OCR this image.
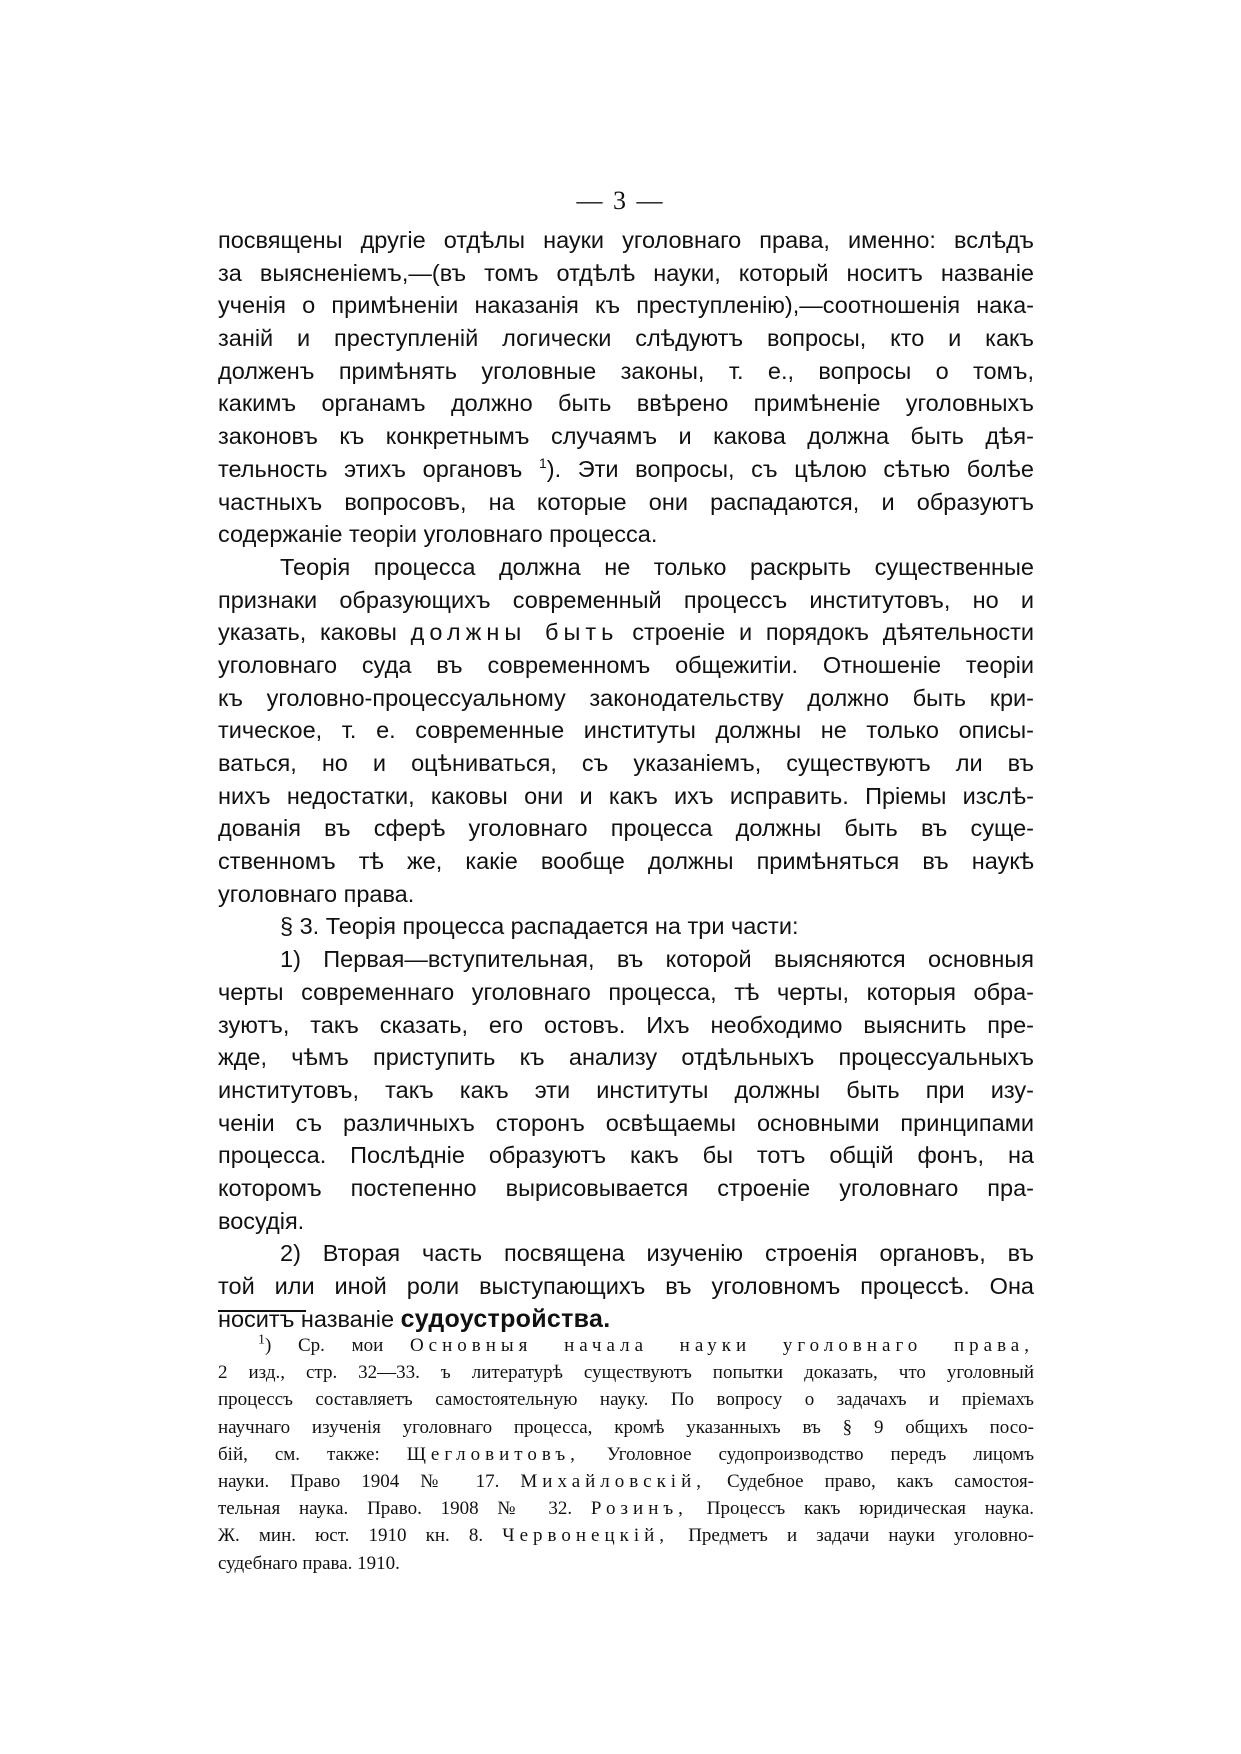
— 3 —
посвящены другіе отдѣлы науки уголовнаго права, именно: вслѣдъ
за выясненіемъ,—(въ томъ отдѣлѣ науки, который носитъ названіе
ученія о примѣненіи наказанія къ преступленію),—соотношенія нака-
заній и преступленій логически слѣдуютъ вопросы, кто и какъ
долженъ примѣнять уголовные законы, т. е., вопросы о томъ,
какимъ органамъ должно быть ввѣрено примѣненіе уголовныхъ
законовъ къ конкретнымъ случаямъ и какова должна быть дѣя-
тельность этихъ органовъ $^1$). Эти вопросы, съ цѣлою сѣтью болѣе
частныхъ вопросовъ, на которые они распадаются, и образуютъ
содержаніе теоріи уголовнаго процесса.
Теорія процесса должна не только раскрыть существенные
признаки образующихъ современный процессъ институтовъ, но и
указать, каковы должны быть строеніе и порядокъ дѣятельности
уголовнаго суда въ современномъ общежитіи. Отношеніе теоріи
къ уголовно-процессуальному законодательству должно быть кри-
тическое, т. е. современные институты должны не только описы-
ваться, но и оцѣниваться, съ указаніемъ, существуютъ ли въ
нихъ недостатки, каковы они и какъ ихъ исправить. Пріемы изслѣ-
дованія въ сферѣ уголовнаго процесса должны быть въ суще-
ственномъ тѣ же, какіе вообще должны примѣняться въ наукѣ
уголовнаго права.
§ 3. Теорія процесса распадается на три части:
1) Первая—вступительная, въ которой выясняются основныя
черты современнаго уголовнаго процесса, тѣ черты, которыя обра-
зуютъ, такъ сказать, его остовъ. Ихъ необходимо выяснить пре-
жде, чѣмъ приступить къ анализу отдѣльныхъ процессуальныхъ
институтовъ, такъ какъ эти институты должны быть при изу-
ченіи съ различныхъ сторонъ освѣщаемы основными принципами
процесса. Послѣдніе образуютъ какъ бы тотъ общій фонъ, на
которомъ постепенно вырисовывается строеніе уголовнаго пра-
восудія.
2) Вторая часть посвящена изученію строенія органовъ, въ
той или иной роли выступающихъ въ уголовномъ процессѣ. Она
носитъ названіе судоустройства.
$^1$) Ср. мои Основныя начала науки уголовнаго права,
2 изд., стр. 32—33. ъ литературѣ существуютъ попытки доказать, что уголовный
процессъ составляетъ самостоятельную науку. По вопросу о задачахъ и пріемахъ
научнаго изученія уголовнаго процесса, кромѣ указанныхъ въ § 9 общихъ посо-
бій, см. также: Щегловитовъ, Уголовное судопроизводство передъ лицомъ
науки. Право 1904 № 17. Михайловскій, Судебное право, какъ самостоя-
тельная наука. Право. 1908 № 32. Розинъ, Процессъ какъ юридическая наука.
Ж. мин. юст. 1910 кн. 8. Червонецкій, Предметъ и задачи науки уголовно-
судебнаго права. 1910.
